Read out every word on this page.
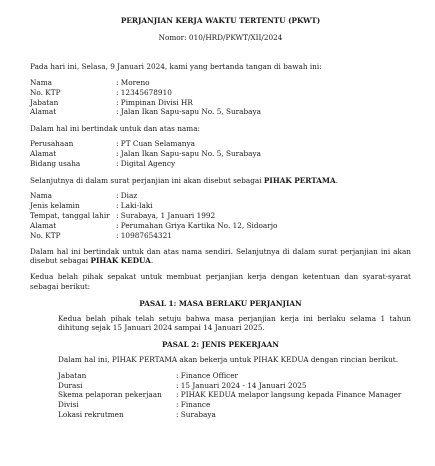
PERJANJIAN KERJA WAKTU TERTENTU (PKWT)
Nomor: 010/HRD/PKWT/XII/2024

Pada hari ini, Selasa, 9 Januari 2024, kami yang bertanda tangan di bawah ini:

Nama	: Moreno
No. KTP	: 12345678910
Jabatan	: Pimpinan Divisi HR
Alamat	: Jalan Ikan Sapu-sapu No. 5, Surabaya

Dalam hal ini bertindak untuk dan atas nama:

Perusahaan	: PT Cuan Selamanya
Alamat	: Jalan Ikan Sapu-sapu No. 5, Surabaya
Bidang usaha	: Digital Agency

Selanjutnya di dalam surat perjanjian ini akan disebut sebagai PIHAK PERTAMA.

Nama	: Diaz
Jenis kelamin	: Laki-laki
Tempat, tanggal lahir	: Surabaya, 1 Januari 1992
Alamat	: Perumahan Griya Kartika No. 12, Sidoarjo
No. KTP	: 10987654321

Dalam hal ini bertindak untuk dan atas nama sendiri. Selanjutnya di dalam surat perjanjian ini akan disebut sebagai PIHAK KEDUA.

Kedua belah pihak sepakat untuk membuat perjanjian kerja dengan ketentuan dan syarat-syarat sebagai berikut:

PASAL 1: MASA BERLAKU PERJANJIAN

Kedua belah pihak telah setuju bahwa masa perjanjian kerja ini berlaku selama 1 tahun dihitung sejak 15 Januari 2024 sampai 14 Januari 2025.

PASAL 2: JENIS PEKERJAAN

Dalam hal ini, PIHAK PERTAMA akan bekerja untuk PIHAK KEDUA dengan rincian berikut.

Jabatan	: Finance Officer
Durasi	: 15 Januari 2024 - 14 Januari 2025
Skema pelaporan pekerjaan	: PIHAK KEDUA melapor langsung kepada Finance Manager
Divisi	: Finance
Lokasi rekrutmen	: Surabaya
